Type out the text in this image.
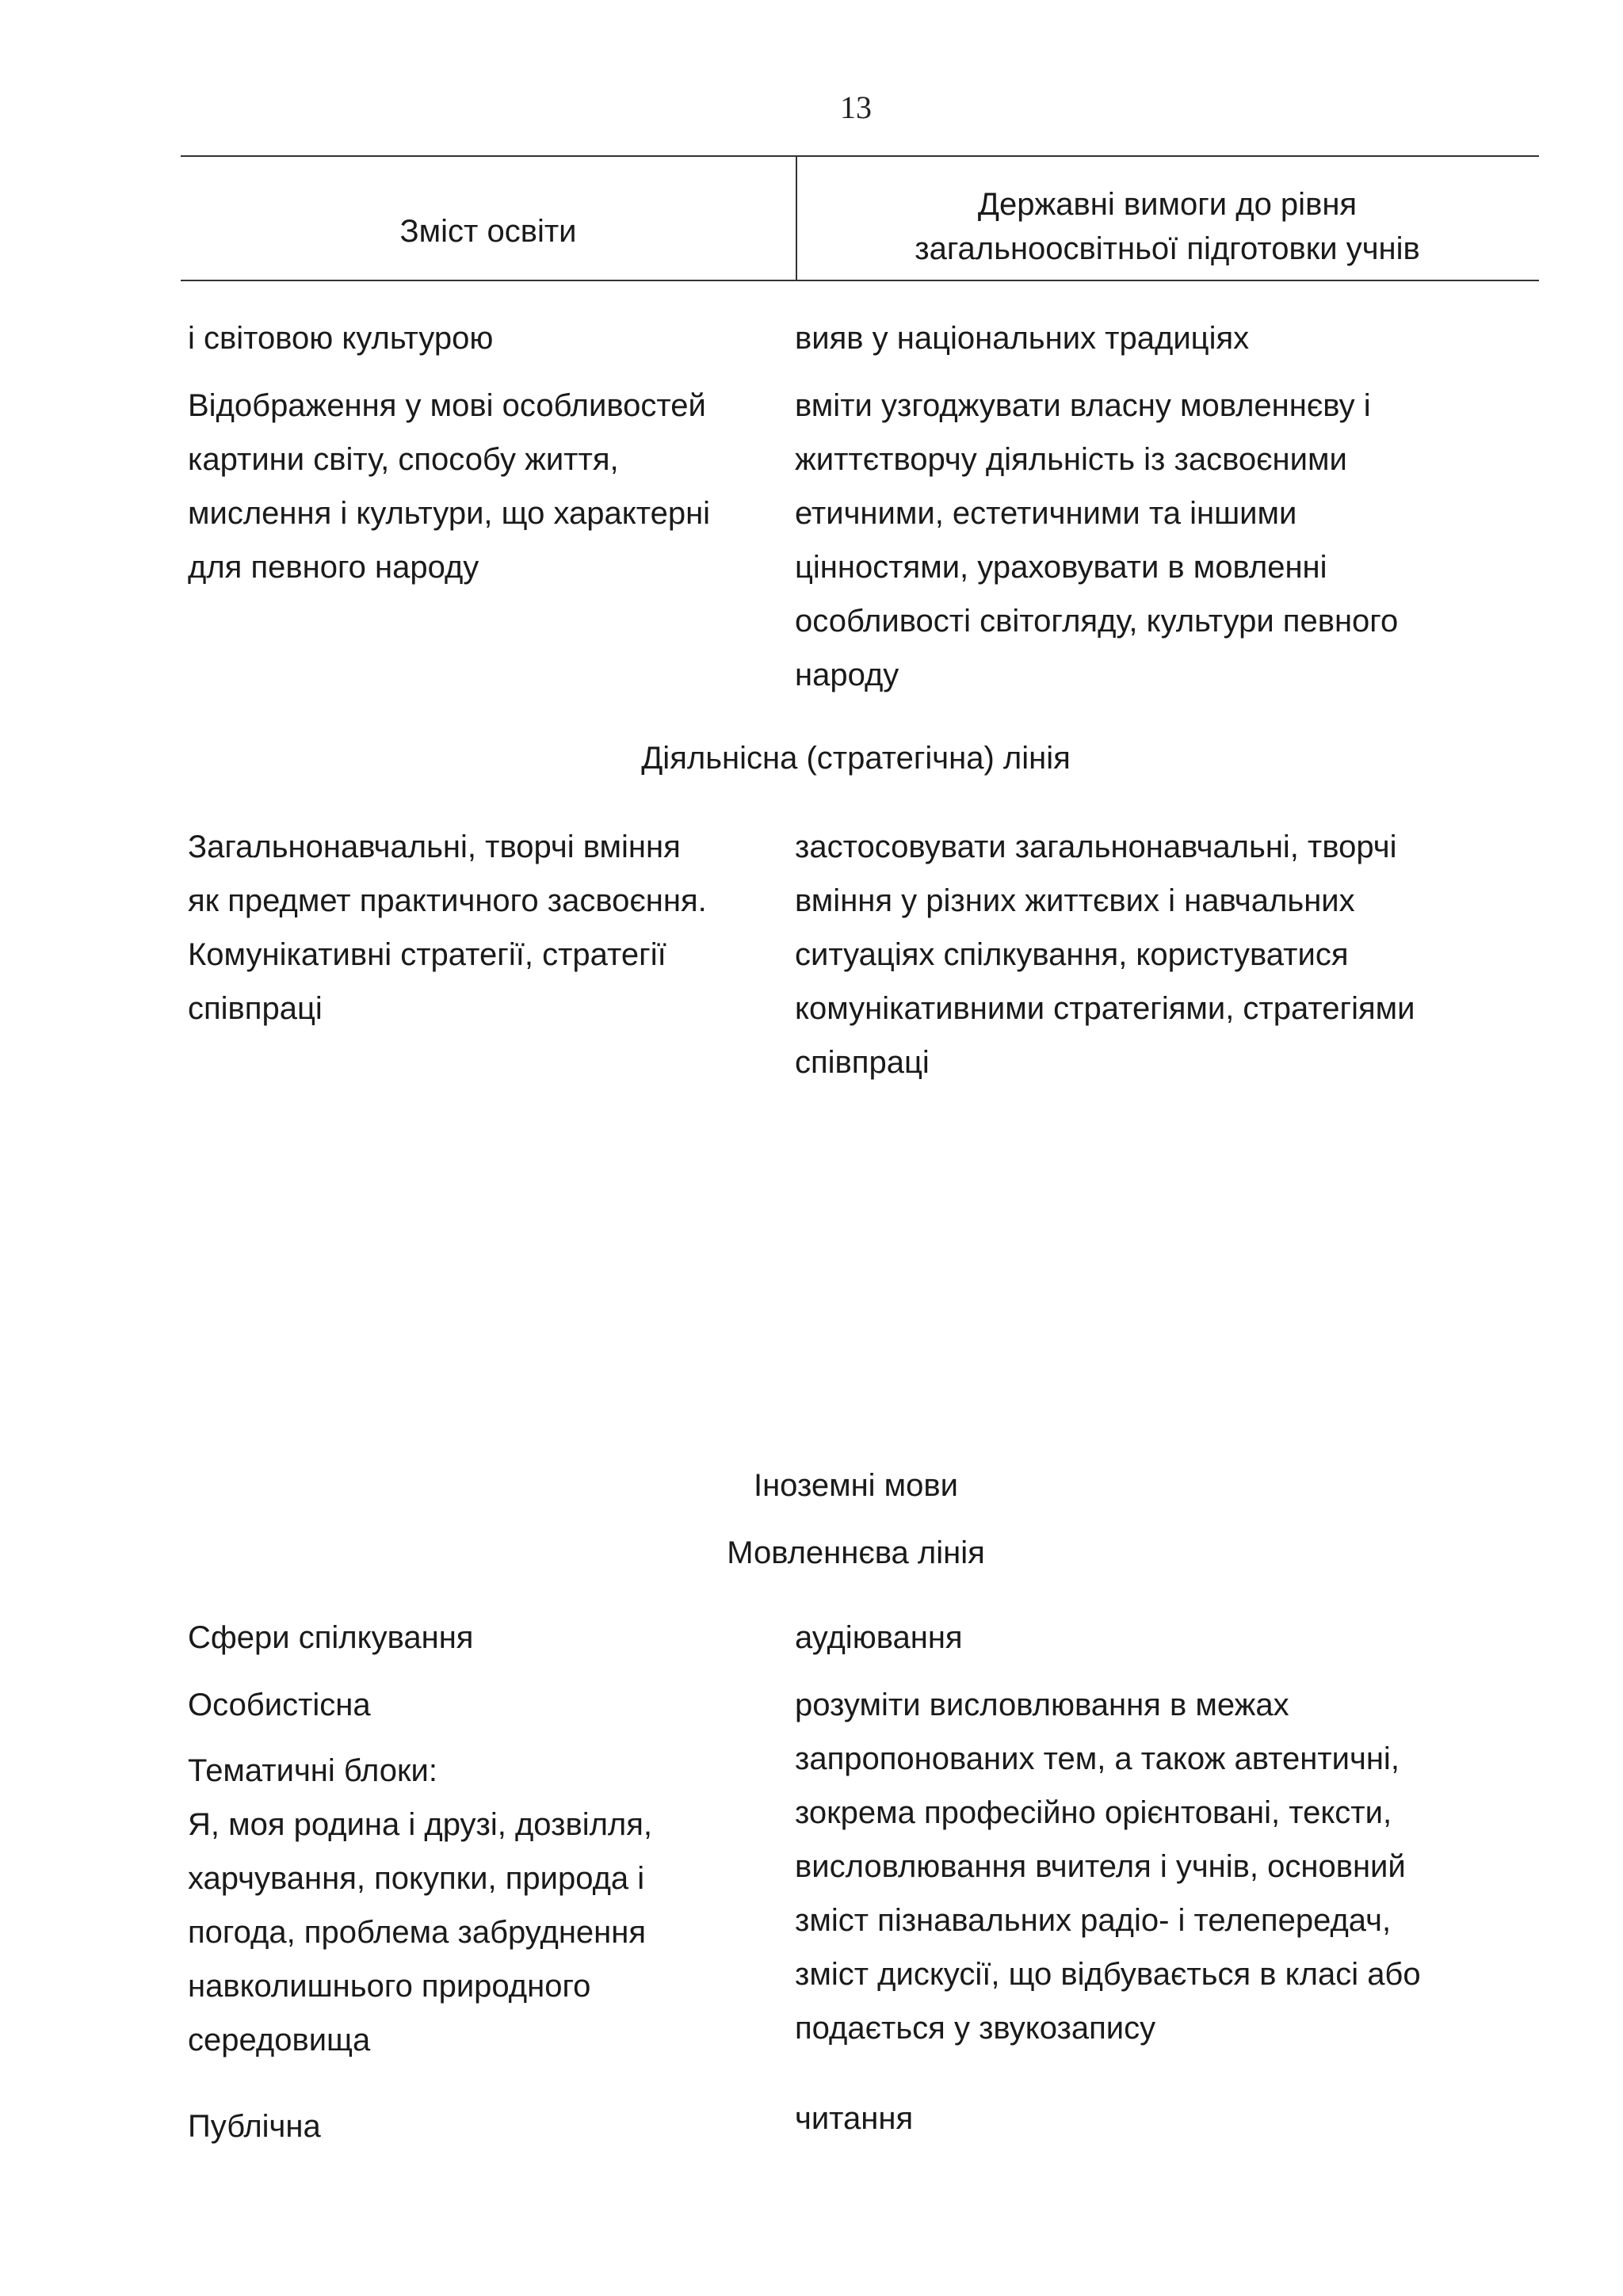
13
Зміст освіти
Державні вимоги до рівня
загальноосвітньої підготовки учнів
і світовою культурою	вияв у національних традиціях
Відображення у мові особливостей
картини світу, способу життя,
мислення і культури, що характерні
для певного народу
вміти узгоджувати власну мовленнєву і
життєтворчу діяльність із засвоєними
етичними, естетичними та іншими
цінностями, ураховувати в мовленні
особливості світогляду, культури певного
народу
Діяльнісна (стратегічна) лінія
Загальнонавчальні, творчі вміння
як предмет практичного засвоєння.
Комунікативні стратегії, стратегії
співпраці
застосовувати загальнонавчальні, творчі
вміння у різних життєвих і навчальних
ситуаціях спілкування, користуватися
комунікативними стратегіями, стратегіями
співпраці
Іноземні мови
Мовленнєва лінія
Сфери спілкування
Особистісна
Тематичні блоки:
Я, моя родина і друзі, дозвілля,
харчування, покупки, природа і
погода, проблема забруднення
навколишнього природного
середовища
Публічна
аудіювання
розуміти висловлювання в межах
запропонованих тем, а також автентичні,
зокрема професійно орієнтовані, тексти,
висловлювання вчителя і учнів, основний
зміст пізнавальних радіо- і телепередач,
зміст дискусії, що відбувається в класі або
подається у звукозапису
читання
